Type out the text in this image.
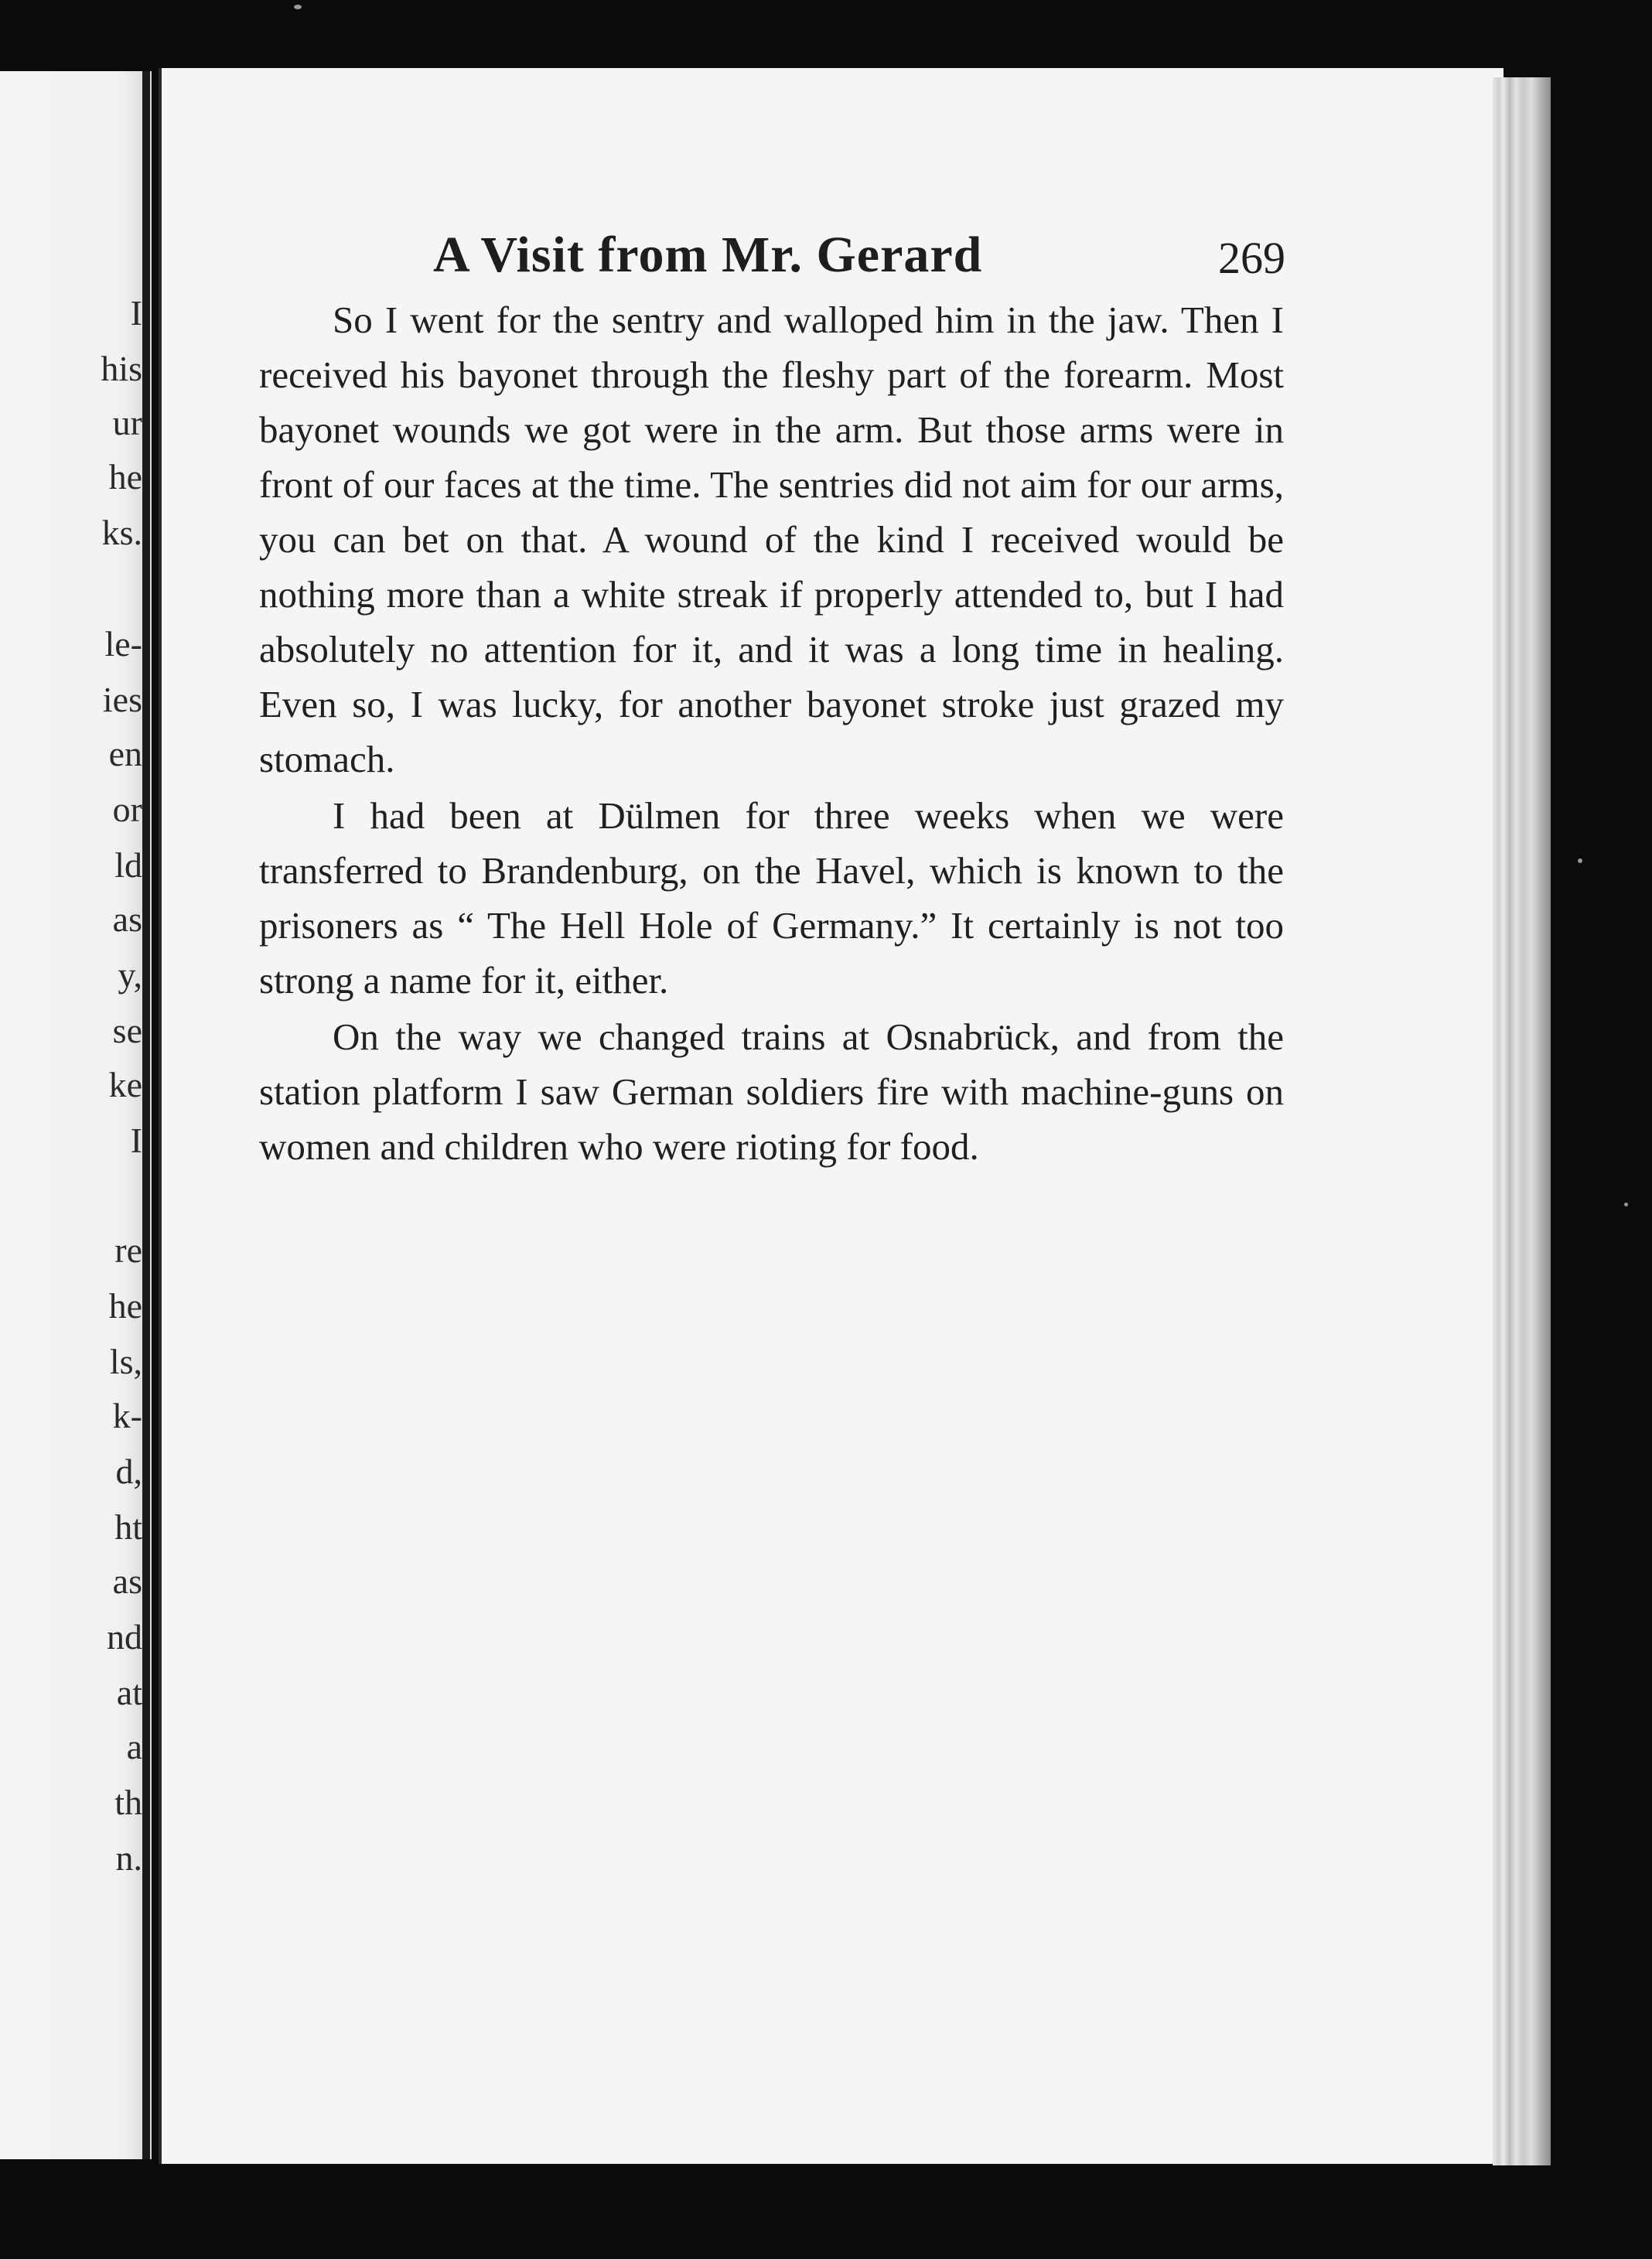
I

his

ur

he

ks.

le-

ies

en

or

ld

as

y,

se

ke

I

re

he

ls,

k-

d,

ht

as

nd

at

a

th

n.

A Visit from Mr. Gerard	269

So I went for the sentry and walloped him in the jaw. Then I received his bayonet through the fleshy part of the forearm. Most bayonet wounds we got were in the arm. But those arms were in front of our faces at the time. The sentries did not aim for our arms, you can bet on that. A wound of the kind I received would be nothing more than a white streak if properly attended to, but I had absolutely no attention for it, and it was a long time in healing. Even so, I was lucky, for another bayonet stroke just grazed my stomach.

I had been at Dülmen for three weeks when we were transferred to Brandenburg, on the Havel, which is known to the prisoners as “ The Hell Hole of Germany.” It certainly is not too strong a name for it, either.

On the way we changed trains at Osnabrück, and from the station platform I saw German soldiers fire with machine-guns on women and children who were rioting for food.
